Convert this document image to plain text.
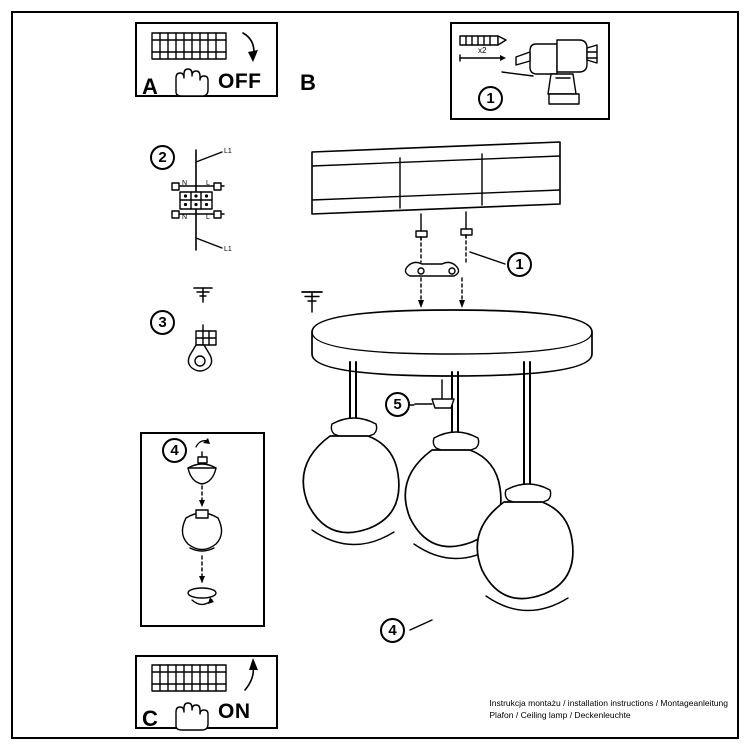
A	OFF B
C	ON
x2
L1
N	L
N	L
L1
1
2
3
4
1
5
4
Instrukcja montażu / installation instructions / Montageanleitung
Plafon / Ceiling lamp / Deckenleuchte
